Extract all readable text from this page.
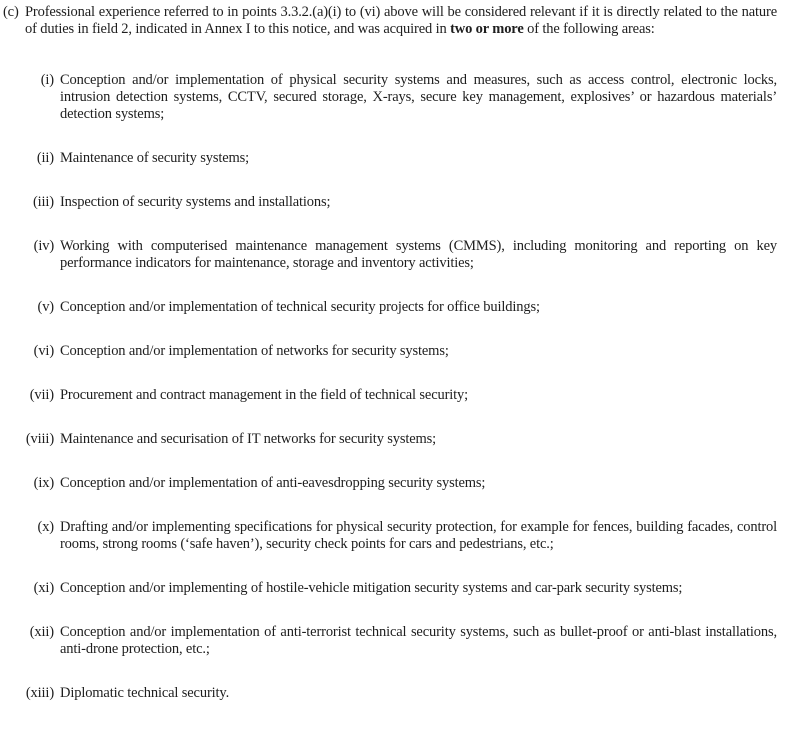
(c) Professional experience referred to in points 3.3.2.(a)(i) to (vi) above will be considered relevant if it is directly related to the nature of duties in field 2, indicated in Annex I to this notice, and was acquired in two or more of the following areas:
(i) Conception and/or implementation of physical security systems and measures, such as access control, electronic locks, intrusion detection systems, CCTV, secured storage, X-rays, secure key management, explosives’ or hazardous materials’ detection systems;
(ii) Maintenance of security systems;
(iii) Inspection of security systems and installations;
(iv) Working with computerised maintenance management systems (CMMS), including monitoring and reporting on key performance indicators for maintenance, storage and inventory activities;
(v) Conception and/or implementation of technical security projects for office buildings;
(vi) Conception and/or implementation of networks for security systems;
(vii) Procurement and contract management in the field of technical security;
(viii) Maintenance and securisation of IT networks for security systems;
(ix) Conception and/or implementation of anti-eavesdropping security systems;
(x) Drafting and/or implementing specifications for physical security protection, for example for fences, building facades, control rooms, strong rooms (‘safe haven’), security check points for cars and pedestrians, etc.;
(xi) Conception and/or implementing of hostile-vehicle mitigation security systems and car-park security systems;
(xii) Conception and/or implementation of anti-terrorist technical security systems, such as bullet-proof or anti-blast installations, anti-drone protection, etc.;
(xiii) Diplomatic technical security.
